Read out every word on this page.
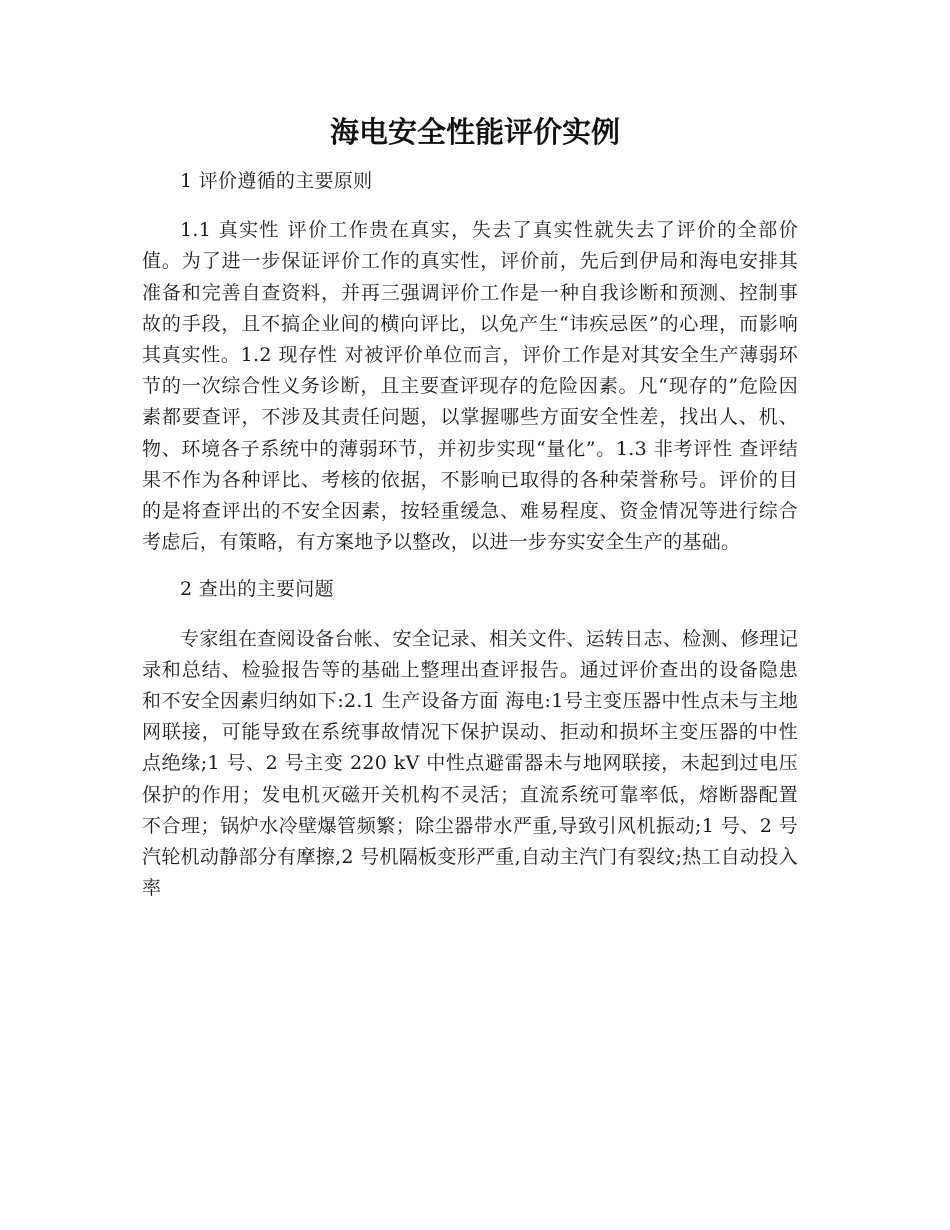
海电安全性能评价实例

1 评价遵循的主要原则

1.1 真实性 评价工作贵在真实，失去了真实性就失去了评价的全部价值。为了进一步保证评价工作的真实性，评价前，先后到伊局和海电安排其准备和完善自查资料，并再三强调评价工作是一种自我诊断和预测、控制事故的手段，且不搞企业间的横向评比，以免产生“讳疾忌医”的心理，而影响其真实性。1.2 现存性 对被评价单位而言，评价工作是对其安全生产薄弱环节的一次综合性义务诊断，且主要查评现存的危险因素。凡“现存的”危险因素都要查评，不涉及其责任问题，以掌握哪些方面安全性差，找出人、机、物、环境各子系统中的薄弱环节，并初步实现“量化”。1.3 非考评性 查评结果不作为各种评比、考核的依据，不影响已取得的各种荣誉称号。评价的目的是将查评出的不安全因素，按轻重缓急、难易程度、资金情况等进行综合考虑后，有策略，有方案地予以整改，以进一步夯实安全生产的基础。

2 查出的主要问题

专家组在查阅设备台帐、安全记录、相关文件、运转日志、检测、修理记录和总结、检验报告等的基础上整理出查评报告。通过评价查出的设备隐患和不安全因素归纳如下:2.1 生产设备方面 海电:1号主变压器中性点未与主地网联接，可能导致在系统事故情况下保护误动、拒动和损坏主变压器的中性点绝缘;1 号、2 号主变 220 kV 中性点避雷器未与地网联接，未起到过电压保护的作用；发电机灭磁开关机构不灵活；直流系统可靠率低，熔断器配置不合理；锅炉水冷壁爆管频繁；除尘器带水严重,导致引风机振动;1 号、2 号汽轮机动静部分有摩擦,2 号机隔板变形严重,自动主汽门有裂纹;热工自动投入率
